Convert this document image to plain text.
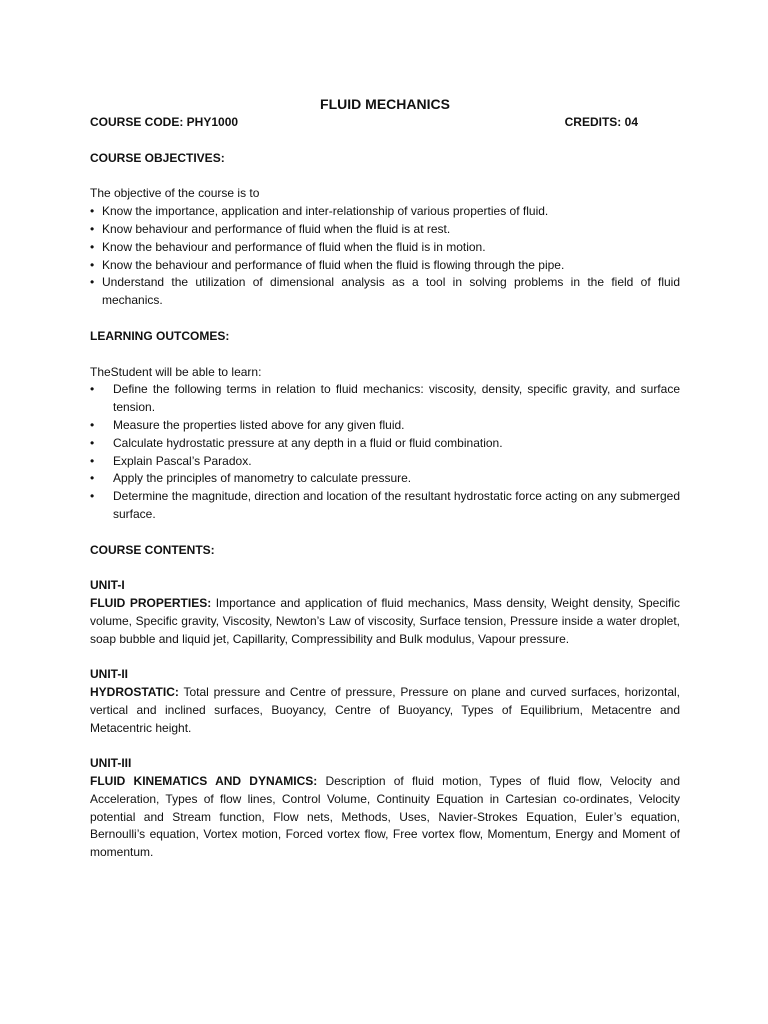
FLUID MECHANICS
COURSE CODE: PHY1000	CREDITS: 04
COURSE OBJECTIVES:

The objective of the course is to

• Know the importance, application and inter-relationship of various properties of fluid.
• Know behaviour and performance of fluid when the fluid is at rest.
• Know the behaviour and performance of fluid when the fluid is in motion.
• Know the behaviour and performance of fluid when the fluid is flowing through the pipe.
• Understand the utilization of dimensional analysis as a tool in solving problems in the field of fluid mechanics.
LEARNING OUTCOMES:

TheStudent will be able to learn:

• Define the following terms in relation to fluid mechanics: viscosity, density, specific gravity, and surface tension.
• Measure the properties listed above for any given fluid.
• Calculate hydrostatic pressure at any depth in a fluid or fluid combination.
• Explain Pascal’s Paradox.
• Apply the principles of manometry to calculate pressure.
• Determine the magnitude, direction and location of the resultant hydrostatic force acting on any submerged surface.
COURSE CONTENTS:
UNIT-I

FLUID PROPERTIES: Importance and application of fluid mechanics, Mass density, Weight density, Specific volume, Specific gravity, Viscosity, Newton’s Law of viscosity, Surface tension, Pressure inside a water droplet, soap bubble and liquid jet, Capillarity, Compressibility and Bulk modulus, Vapour pressure.

UNIT-II

HYDROSTATIC: Total pressure and Centre of pressure, Pressure on plane and curved surfaces, horizontal, vertical and inclined surfaces, Buoyancy, Centre of Buoyancy, Types of Equilibrium, Metacentre and Metacentric height.

UNIT-III

FLUID KINEMATICS AND DYNAMICS: Description of fluid motion, Types of fluid flow, Velocity and Acceleration, Types of flow lines, Control Volume, Continuity Equation in Cartesian co-ordinates, Velocity potential and Stream function, Flow nets, Methods, Uses, Navier-Strokes Equation, Euler’s equation, Bernoulli’s equation, Vortex motion, Forced vortex flow, Free vortex flow, Momentum, Energy and Moment of momentum.
